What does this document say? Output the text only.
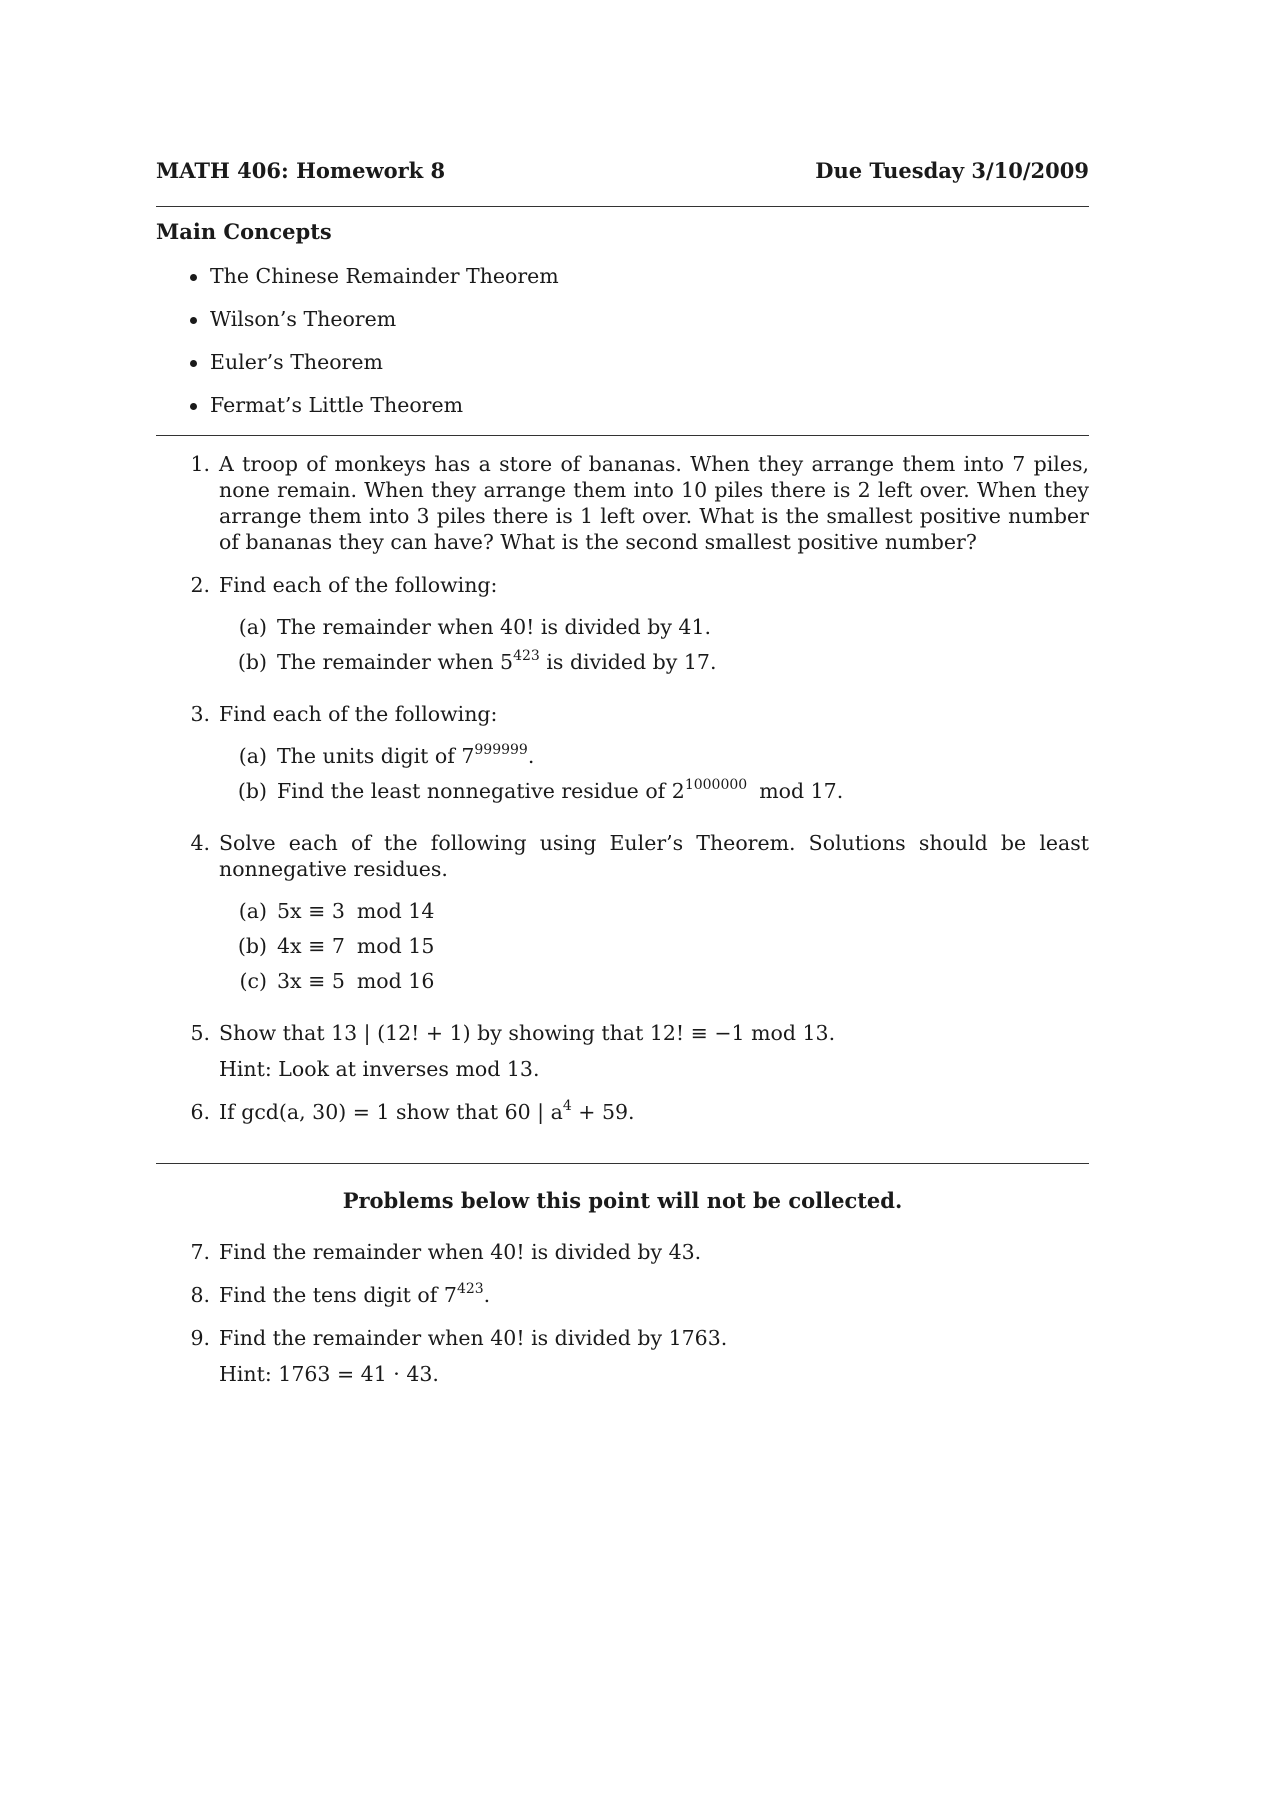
MATH 406: Homework 8	Due Tuesday 3/10/2009
Main Concepts
The Chinese Remainder Theorem
Wilson’s Theorem
Euler’s Theorem
Fermat’s Little Theorem
1. A troop of monkeys has a store of bananas. When they arrange them into 7 piles, none remain. When they arrange them into 10 piles there is 2 left over. When they arrange them into 3 piles there is 1 left over. What is the smallest positive number of bananas they can have? What is the second smallest positive number?
2. Find each of the following:
(a) The remainder when 40! is divided by 41.
(b) The remainder when $5^{423}$ is divided by 17.
3. Find each of the following:
(a) The units digit of $7^{999999}$.
(b) Find the least nonnegative residue of $2^{1000000}$ mod 17.
4. Solve each of the following using Euler’s Theorem. Solutions should be least nonnegative residues.
(a) 5x ≡ 3 mod 14
(b) 4x ≡ 7 mod 15
(c) 3x ≡ 5 mod 16
5. Show that 13 | (12! + 1) by showing that 12! ≡ −1 mod 13.
Hint: Look at inverses mod 13.
6. If gcd(a, 30) = 1 show that 60 | $a^4 + 59$.
Problems below this point will not be collected.
7. Find the remainder when 40! is divided by 43.
8. Find the tens digit of $7^{423}$.
9. Find the remainder when 40! is divided by 1763.
Hint: 1763 = 41 · 43.
